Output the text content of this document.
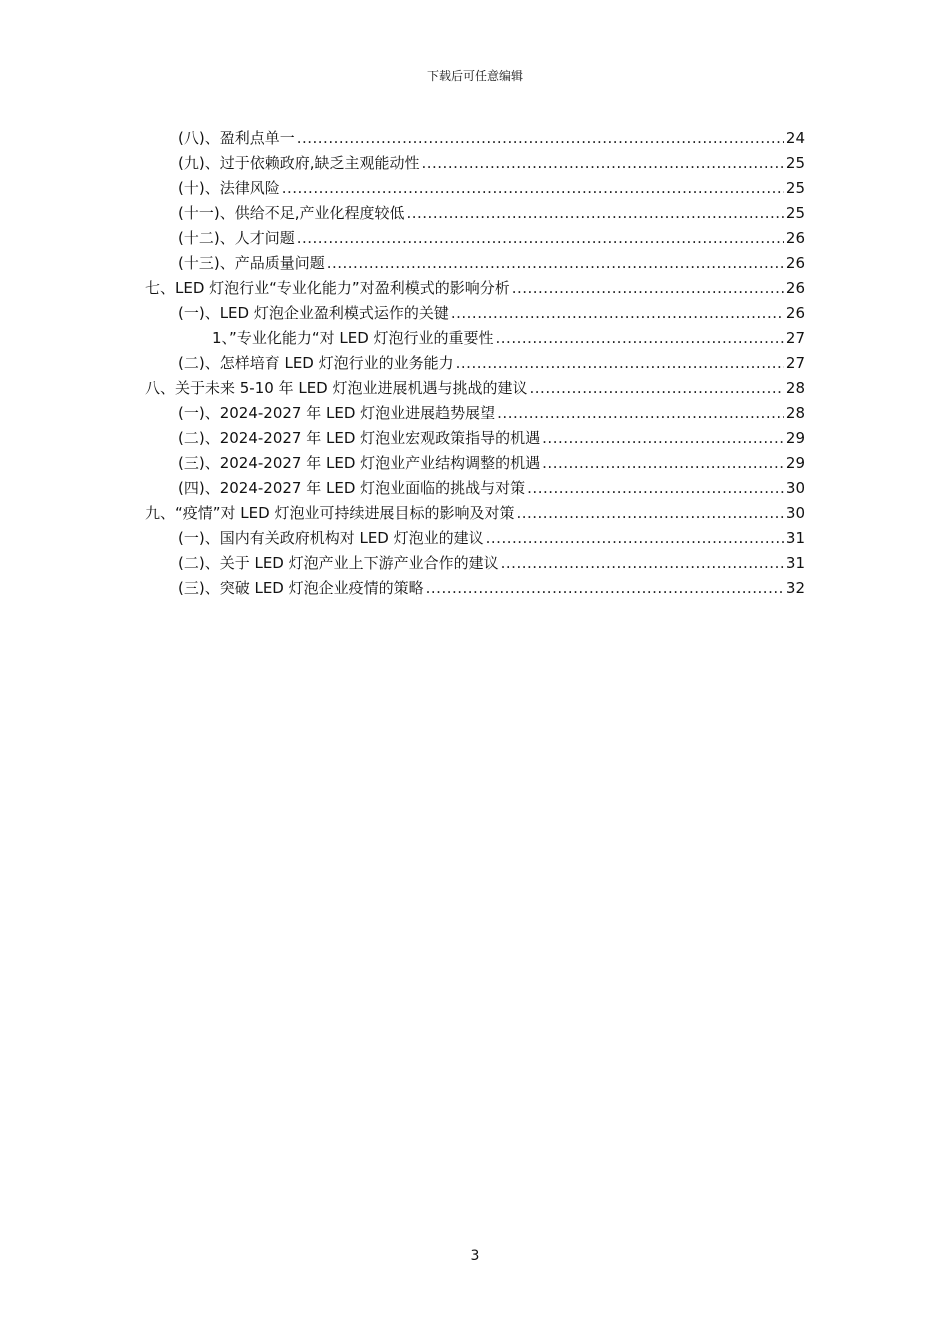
下载后可任意编辑
(八)、盈利点单一 .....	24
(九)、过于依赖政府,缺乏主观能动性 .....	25
(十)、法律风险 .....	25
(十一)、供给不足,产业化程度较低 .....	25
(十二)、人才问题 .....	26
(十三)、产品质量问题 .....	26
七、LED 灯泡行业“专业化能力”对盈利模式的影响分析 .....	26
(一)、LED 灯泡企业盈利模式运作的关键 .....	26
1、”专业化能力“对 LED 灯泡行业的重要性 .....	27
(二)、怎样培育 LED 灯泡行业的业务能力 .....	27
八、关于未来 5-10 年 LED 灯泡业进展机遇与挑战的建议 .....	28
(一)、2024-2027 年 LED 灯泡业进展趋势展望 .....	28
(二)、2024-2027 年 LED 灯泡业宏观政策指导的机遇 .....	29
(三)、2024-2027 年 LED 灯泡业产业结构调整的机遇 .....	29
(四)、2024-2027 年 LED 灯泡业面临的挑战与对策 .....	30
九、“疫情”对 LED 灯泡业可持续进展目标的影响及对策 .....	30
(一)、国内有关政府机构对 LED 灯泡业的建议 .....	31
(二)、关于 LED 灯泡产业上下游产业合作的建议 .....	31
(三)、突破 LED 灯泡企业疫情的策略 .....	32
3
